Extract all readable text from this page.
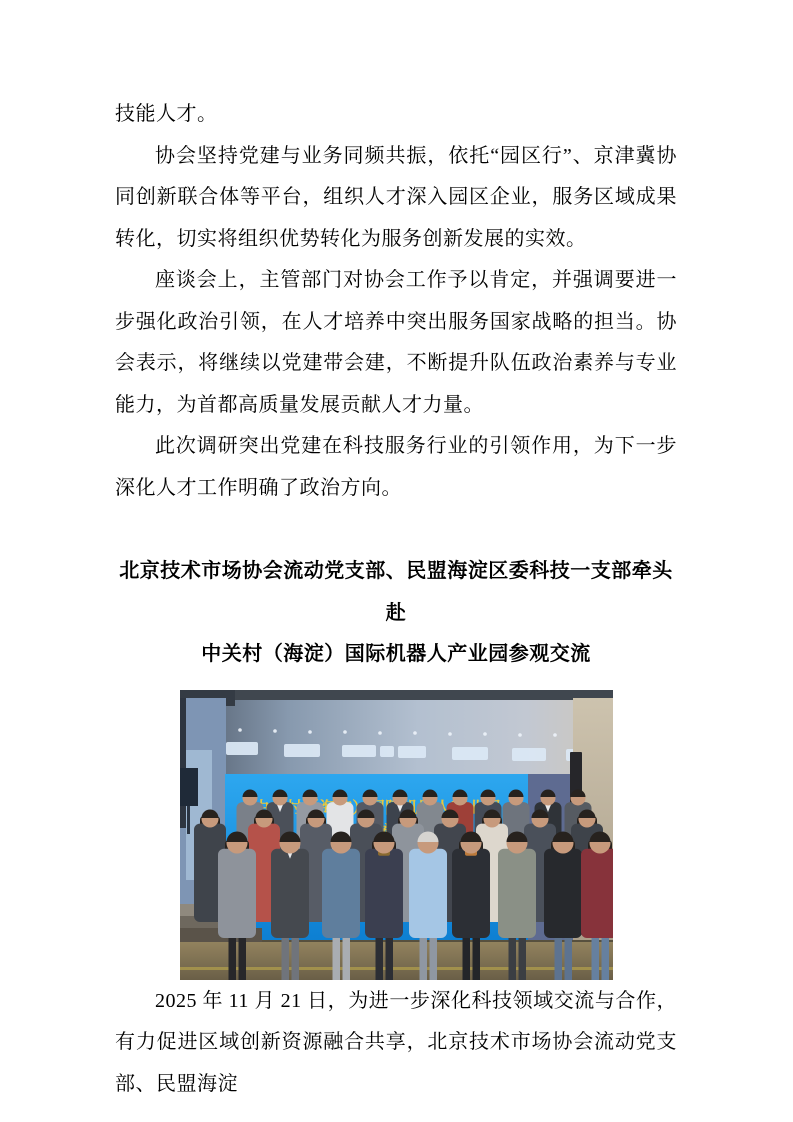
技能人才。

协会坚持党建与业务同频共振，依托“园区行”、京津冀协同创新联合体等平台，组织人才深入园区企业，服务区域成果转化，切实将组织优势转化为服务创新发展的实效。

座谈会上，主管部门对协会工作予以肯定，并强调要进一步强化政治引领，在人才培养中突出服务国家战略的担当。协会表示，将继续以党建带会建，不断提升队伍政治素养与专业能力，为首都高质量发展贡献人才力量。

此次调研突出党建在科技服务行业的引领作用，为下一步深化人才工作明确了政治方向。

北京技术市场协会流动党支部、民盟海淀区委科技一支部牵头赴
中关村（海淀）国际机器人产业园参观交流

2025 年 11 月 21 日，为进一步深化科技领域交流与合作，有力促进区域创新资源融合共享，北京技术市场协会流动党支部、民盟海淀
